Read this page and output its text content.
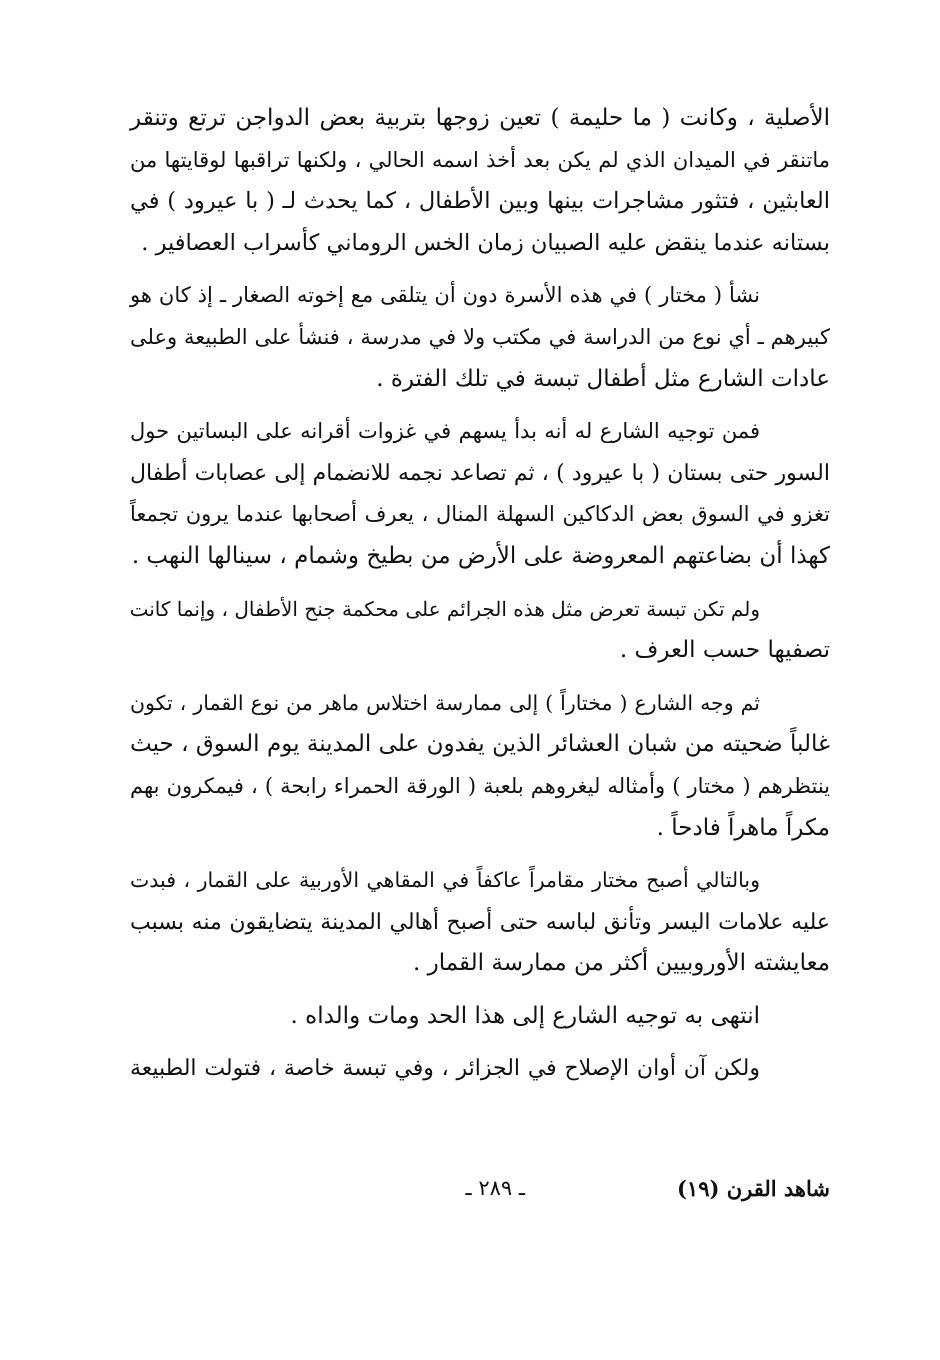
الأصلية ، وكانت ( ما حليمة ) تعين زوجها بتربية بعض الدواجن ترتع وتنقر
ماتنقر في الميدان الذي لم يكن بعد أخذ اسمه الحالي ، ولكنها تراقبها لوقايتها من
العابثين ، فتثور مشاجرات بينها وبين الأطفال ، كما يحدث لـ ( با عيرود ) في
بستانه عندما ينقض عليه الصبيان زمان الخس الروماني كأسراب العصافير .

نشأ ( مختار ) في هذه الأسرة دون أن يتلقى مع إخوته الصغار ـ إذ كان هو
كبيرهم ـ أي نوع من الدراسة في مكتب ولا في مدرسة ، فنشأ على الطبيعة وعلى
عادات الشارع مثل أطفال تبسة في تلك الفترة .

فمن توجيه الشارع له أنه بدأ يسهم في غزوات أقرانه على البساتين حول
السور حتى بستان ( با عيرود ) ، ثم تصاعد نجمه للانضمام إلى عصابات أطفال
تغزو في السوق بعض الدكاكين السهلة المنال ، يعرف أصحابها عندما يرون تجمعاً
كهذا أن بضاعتهم المعروضة على الأرض من بطيخ وشمام ، سينالها النهب .

ولم تكن تبسة تعرض مثل هذه الجرائم على محكمة جنح الأطفال ، وإنما كانت
تصفيها حسب العرف .

ثم وجه الشارع ( مختاراً ) إلى ممارسة اختلاس ماهر من نوع القمار ، تكون
غالباً ضحيته من شبان العشائر الذين يفدون على المدينة يوم السوق ، حيث
ينتظرهم ( مختار ) وأمثاله ليغروهم بلعبة ( الورقة الحمراء رابحة ) ، فيمكرون بهم
مكراً ماهراً فادحاً .

وبالتالي أصبح مختار مقامراً عاكفاً في المقاهي الأوربية على القمار ، فبدت
عليه علامات اليسر وتأنق لباسه حتى أصبح أهالي المدينة يتضايقون منه بسبب
معايشته الأوروبيين أكثر من ممارسة القمار .

انتهى به توجيه الشارع إلى هذا الحد ومات والداه .

ولكن آن أوان الإصلاح في الجزائر ، وفي تبسة خاصة ، فتولت الطبيعة

شاهد القرن (١٩)
ـ ٢٨٩ ـ
